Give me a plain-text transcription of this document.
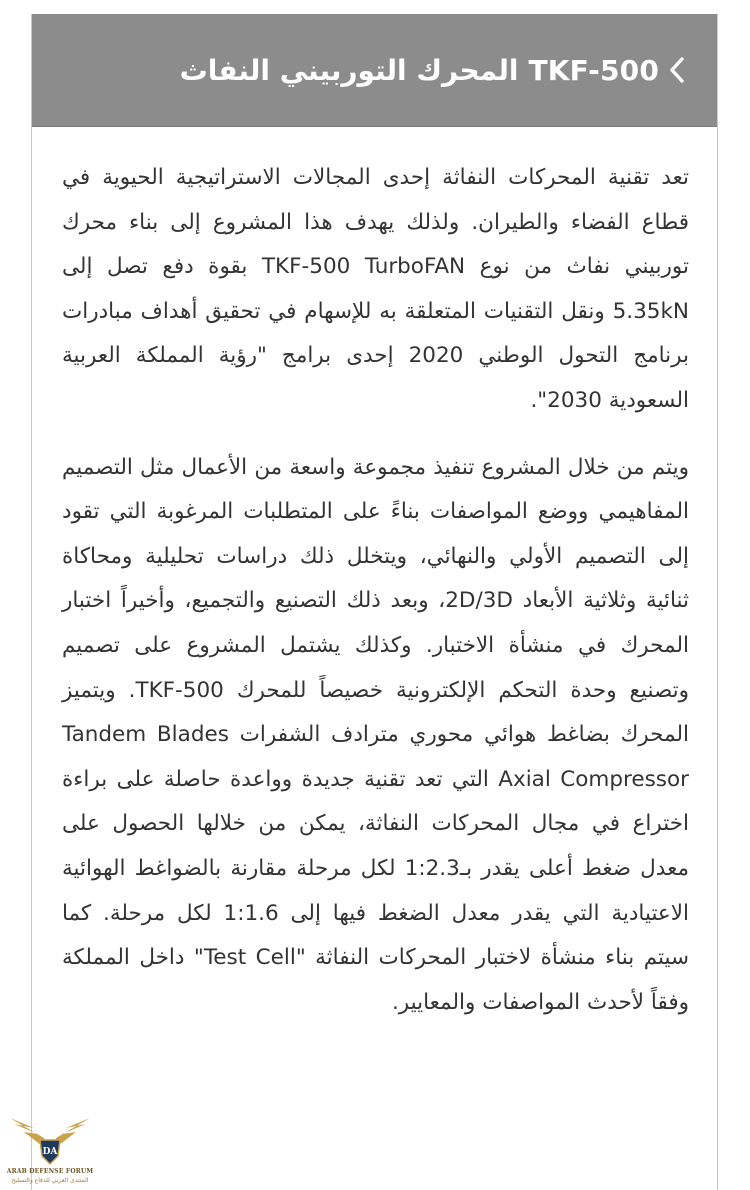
TKF-500 المحرك التوربيني النفاث

تعد تقنية المحركات النفاثة إحدى المجالات الاستراتيجية الحيوية في قطاع الفضاء والطيران. ولذلك يهدف هذا المشروع إلى بناء محرك توربيني نفاث من نوع TKF-500 TurboFAN بقوة دفع تصل إلى 5.35kN ونقل التقنيات المتعلقة به للإسهام في تحقيق أهداف مبادرات برنامج التحول الوطني 2020 إحدى برامج "رؤية المملكة العربية السعودية 2030".

ويتم من خلال المشروع تنفيذ مجموعة واسعة من الأعمال مثل التصميم المفاهيمي ووضع المواصفات بناءً على المتطلبات المرغوبة التي تقود إلى التصميم الأولي والنهائي، ويتخلل ذلك دراسات تحليلية ومحاكاة ثنائية وثلاثية الأبعاد 2D/3D، وبعد ذلك التصنيع والتجميع، وأخيراً اختبار المحرك في منشأة الاختبار. وكذلك يشتمل المشروع على تصميم وتصنيع وحدة التحكم الإلكترونية خصيصاً للمحرك TKF-500. ويتميز المحرك بضاغط هوائي محوري مترادف الشفرات Tandem Blades Axial Compressor التي تعد تقنية جديدة وواعدة حاصلة على براءة اختراع في مجال المحركات النفاثة، يمكن من خلالها الحصول على معدل ضغط أعلى يقدر بـ1:2.3 لكل مرحلة مقارنة بالضواغط الهوائية الاعتيادية التي يقدر معدل الضغط فيها إلى 1:1.6 لكل مرحلة. كما سيتم بناء منشأة لاختبار المحركات النفاثة "Test Cell" داخل المملكة وفقاً لأحدث المواصفات والمعايير.

DA
ARAB DEFENSE FORUM
المنتدى العربي للدفاع والتسليح
